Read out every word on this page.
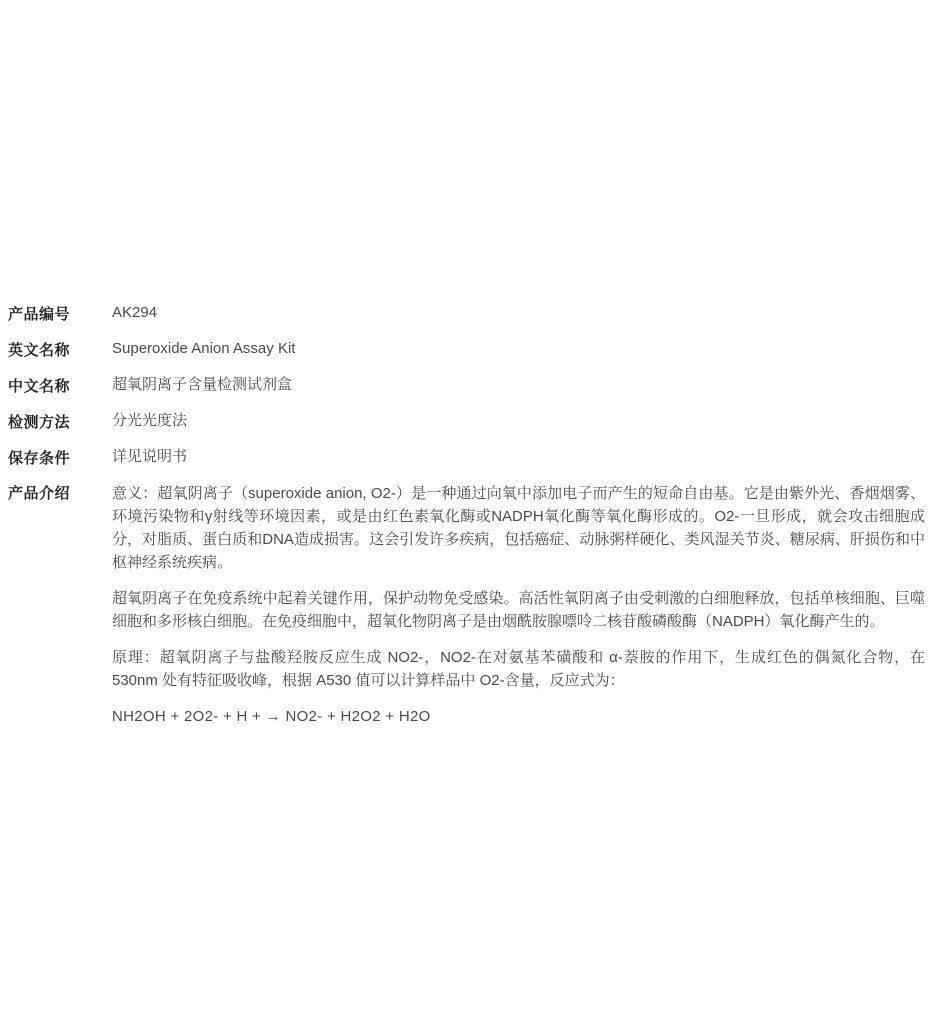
产品编号	AK294
英文名称	Superoxide Anion Assay Kit
中文名称	超氧阴离子含量检测试剂盒
检测方法	分光光度法
保存条件	详见说明书
产品介绍	意义：超氧阴离子（superoxide anion, O2-）是一种通过向氧中添加电子而产生的短命自由基。它是由紫外光、香烟烟雾、环境污染物和γ射线等环境因素，或是由红色素氧化酶或NADPH氧化酶等氧化酶形成的。O2-一旦形成，就会攻击细胞成分，对脂质、蛋白质和DNA造成损害。这会引发许多疾病，包括癌症、动脉粥样硬化、类风湿关节炎、糖尿病、肝损伤和中枢神经系统疾病。

超氧阴离子在免疫系统中起着关键作用，保护动物免受感染。高活性氧阴离子由受刺激的白细胞释放，包括单核细胞、巨噬细胞和多形核白细胞。在免疫细胞中，超氧化物阴离子是由烟酰胺腺嘌呤二核苷酸磷酸酶（NADPH）氧化酶产生的。

原理：超氧阴离子与盐酸羟胺反应生成 NO2-，NO2-在对氨基苯磺酸和 α-萘胺的作用下，生成红色的偶氮化合物，在 530nm 处有特征吸收峰，根据 A530 值可以计算样品中 O2-含量，反应式为：

NH2OH + 2O2- + H + → NO2- + H2O2 + H2O
